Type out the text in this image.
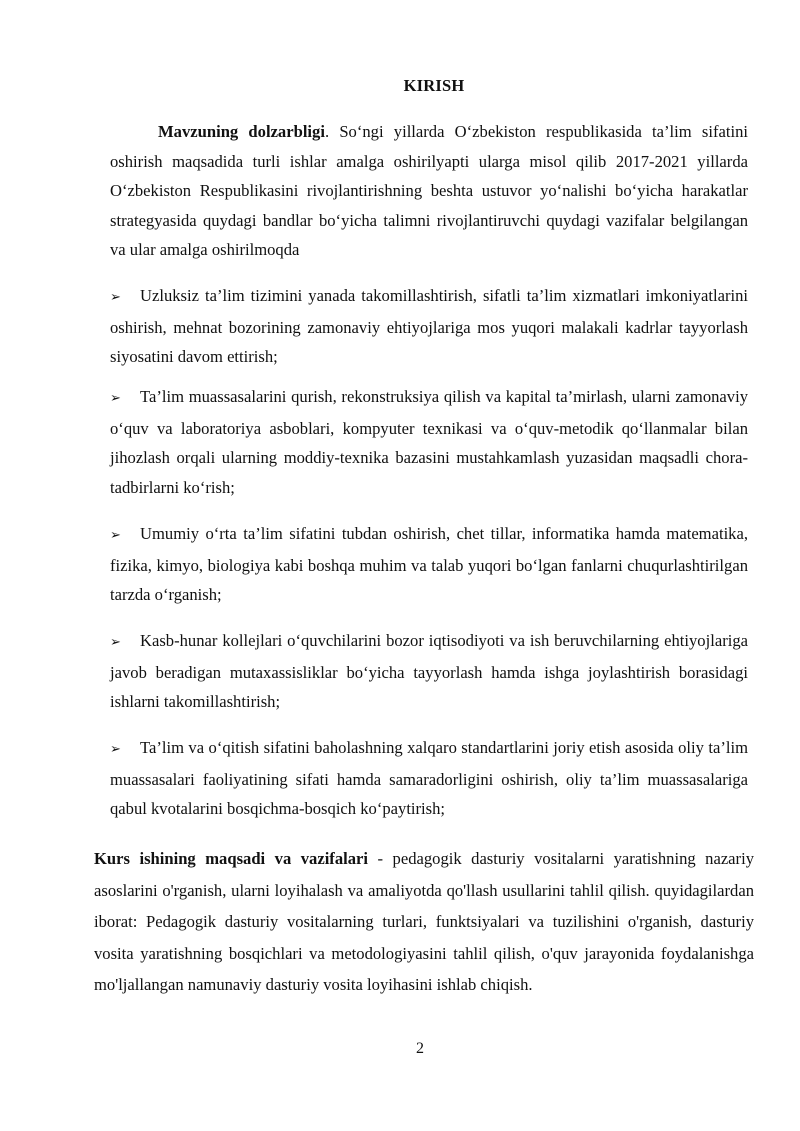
KIRISH

Mavzuning dolzarbligi. So‘ngi yillarda O‘zbekiston respublikasida ta’lim sifatini oshirish maqsadida turli ishlar amalga oshirilyapti ularga misol qilib 2017-2021 yillarda O‘zbekiston Respublikasini rivojlantirishning beshta ustuvor yo‘nalishi bo‘yicha harakatlar strategyasida quydagi bandlar bo‘yicha talimni rivojlantiruvchi quydagi vazifalar belgilangan va ular amalga oshirilmoqda

➢ Uzluksiz ta’lim tizimini yanada takomillashtirish, sifatli ta’lim xizmatlari imkoniyatlarini oshirish, mehnat bozorining zamonaviy ehtiyojlariga mos yuqori malakali kadrlar tayyorlash siyosatini davom ettirish;

➢ Ta’lim muassasalarini qurish, rekonstruksiya qilish va kapital ta’mirlash, ularni zamonaviy o‘quv va laboratoriya asboblari, kompyuter texnikasi va o‘quv-metodik qo‘llanmalar bilan jihozlash orqali ularning moddiy-texnika bazasini mustahkamlash yuzasidan maqsadli chora-tadbirlarni ko‘rish;

➢ Umumiy o‘rta ta’lim sifatini tubdan oshirish, chet tillar, informatika hamda matematika, fizika, kimyo, biologiya kabi boshqa muhim va talab yuqori bo‘lgan fanlarni chuqurlashtirilgan tarzda o‘rganish;

➢ Kasb-hunar kollejlari o‘quvchilarini bozor iqtisodiyoti va ish beruvchilarning ehtiyojlariga javob beradigan mutaxassisliklar bo‘yicha tayyorlash hamda ishga joylashtirish borasidagi ishlarni takomillashtirish;

➢ Ta’lim va o‘qitish sifatini baholashning xalqaro standartlarini joriy etish asosida oliy ta’lim muassasalari faoliyatining sifati hamda samaradorligini oshirish, oliy ta’lim muassasalariga qabul kvotalarini bosqichma-bosqich ko‘paytirish;

Kurs ishining maqsadi va vazifalari - pedagogik dasturiy vositalarni yaratishning nazariy asoslarini o'rganish, ularni loyihalash va amaliyotda qo'llash usullarini tahlil qilish. quyidagilardan iborat: Pedagogik dasturiy vositalarning turlari, funktsiyalari va tuzilishini o'rganish, dasturiy vosita yaratishning bosqichlari va metodologiyasini tahlil qilish, o'quv jarayonida foydalanishga mo'ljallangan namunaviy dasturiy vosita loyihasini ishlab chiqish.

2
